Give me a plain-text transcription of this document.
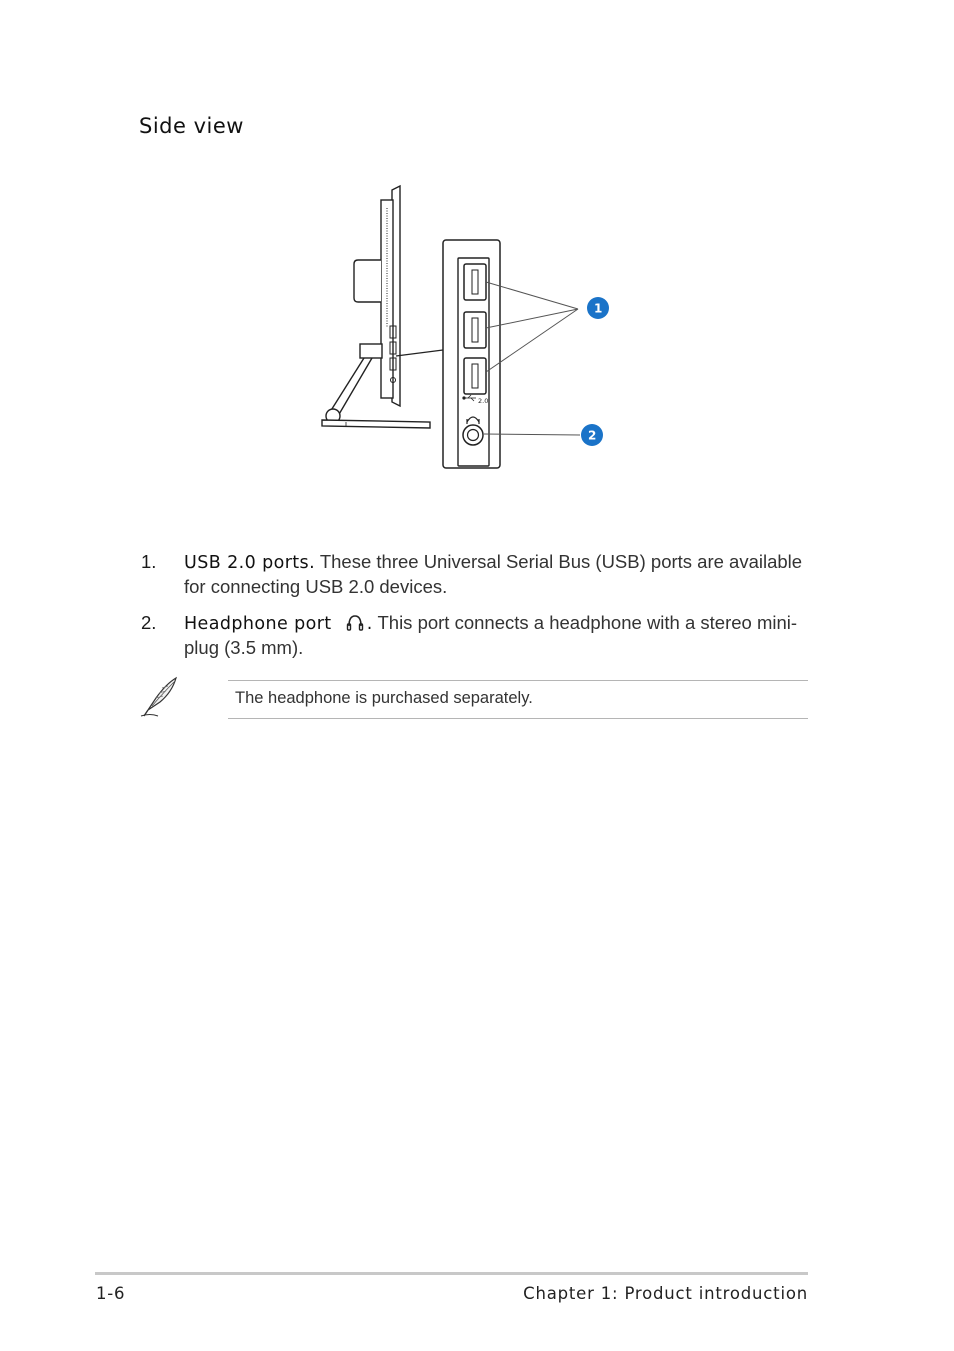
Side view
2.0
1
2
1. USB 2.0 ports. These three Universal Serial Bus (USB) ports are available for connecting USB 2.0 devices.
2. Headphone port . This port connects a headphone with a stereo mini-plug (3.5 mm).
The headphone is purchased separately.
1-6	Chapter 1: Product introduction
